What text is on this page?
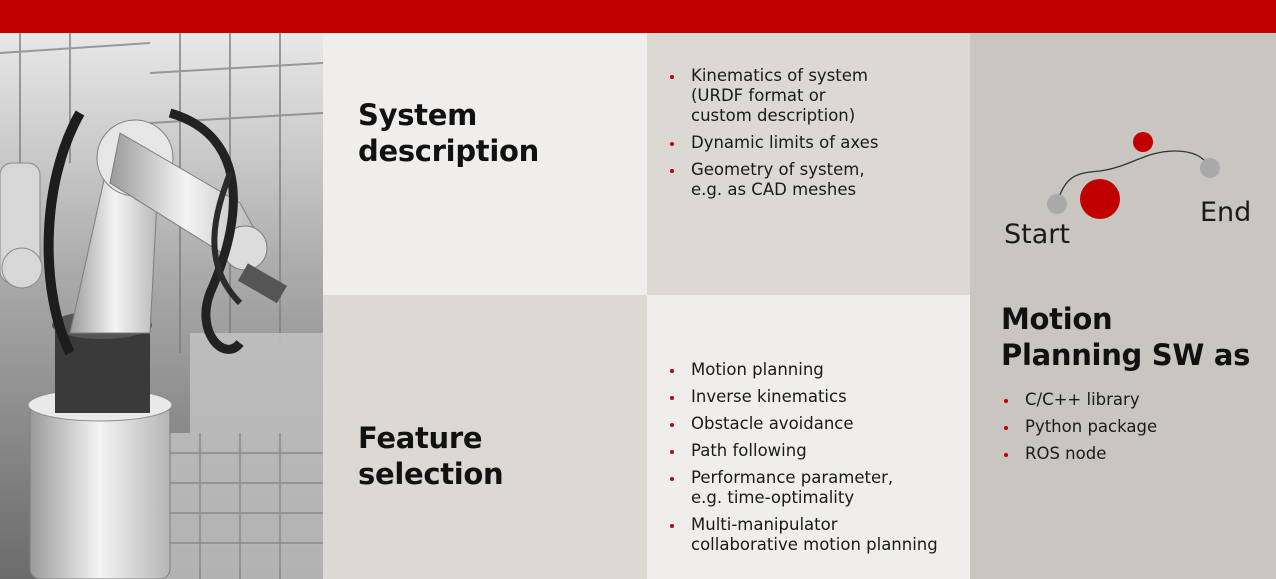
System
description
Kinematics of system
(URDF format or
custom description)
Dynamic limits of axes
Geometry of system,
e.g. as CAD meshes
Feature
selection
Motion planning
Inverse kinematics
Obstacle avoidance
Path following
Performance parameter,
e.g. time-optimality
Multi-manipulator
collaborative motion planning
Start
End
Motion
Planning SW as
C/C++ library
Python package
ROS node
